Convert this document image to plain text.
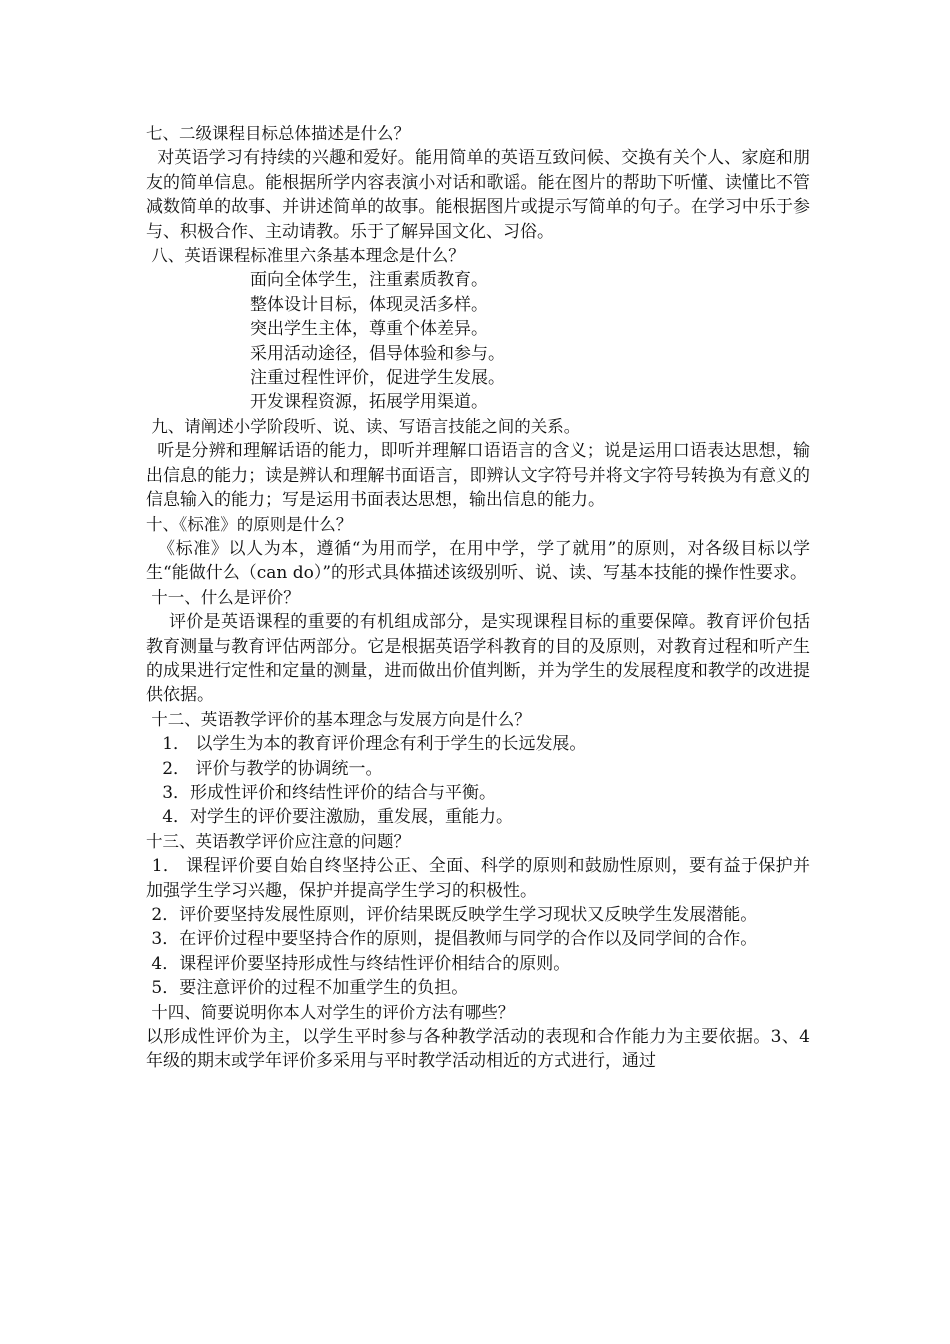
七、二级课程目标总体描述是什么？

对英语学习有持续的兴趣和爱好。能用简单的英语互致问候、交换有关个人、家庭和朋友的简单信息。能根据所学内容表演小对话和歌谣。能在图片的帮助下听懂、读懂比不管减数简单的故事、并讲述简单的故事。能根据图片或提示写简单的句子。在学习中乐于参与、积极合作、主动请教。乐于了解异国文化、习俗。

八、英语课程标准里六条基本理念是什么？

面向全体学生，注重素质教育。

整体设计目标，体现灵活多样。

突出学生主体，尊重个体差异。

采用活动途径，倡导体验和参与。

注重过程性评价，促进学生发展。

开发课程资源，拓展学用渠道。

九、请阐述小学阶段听、说、读、写语言技能之间的关系。

听是分辨和理解话语的能力，即听并理解口语语言的含义；说是运用口语表达思想，输出信息的能力；读是辨认和理解书面语言，即辨认文字符号并将文字符号转换为有意义的信息输入的能力；写是运用书面表达思想，输出信息的能力。

十、《标准》的原则是什么？

《标准》以人为本，遵循“为用而学，在用中学，学了就用”的原则，对各级目标以学生“能做什么（can do）”的形式具体描述该级别听、说、读、写基本技能的操作性要求。

十一、什么是评价？

评价是英语课程的重要的有机组成部分，是实现课程目标的重要保障。教育评价包括教育测量与教育评估两部分。它是根据英语学科教育的目的及原则，对教育过程和听产生的成果进行定性和定量的测量，进而做出价值判断，并为学生的发展程度和教学的改进提供依据。

十二、英语教学评价的基本理念与发展方向是什么？

1． 以学生为本的教育评价理念有利于学生的长远发展。

2． 评价与教学的协调统一。

3．形成性评价和终结性评价的结合与平衡。

4．对学生的评价要注激励，重发展，重能力。

十三、英语教学评价应注意的问题？

1． 课程评价要自始自终坚持公正、全面、科学的原则和鼓励性原则，要有益于保护并加强学生学习兴趣，保护并提高学生学习的积极性。

2．评价要坚持发展性原则，评价结果既反映学生学习现状又反映学生发展潜能。

3．在评价过程中要坚持合作的原则，提倡教师与同学的合作以及同学间的合作。

4．课程评价要坚持形成性与终结性评价相结合的原则。

5．要注意评价的过程不加重学生的负担。

十四、简要说明你本人对学生的评价方法有哪些？

以形成性评价为主，以学生平时参与各种教学活动的表现和合作能力为主要依据。3、4年级的期末或学年评价多采用与平时教学活动相近的方式进行，通过
